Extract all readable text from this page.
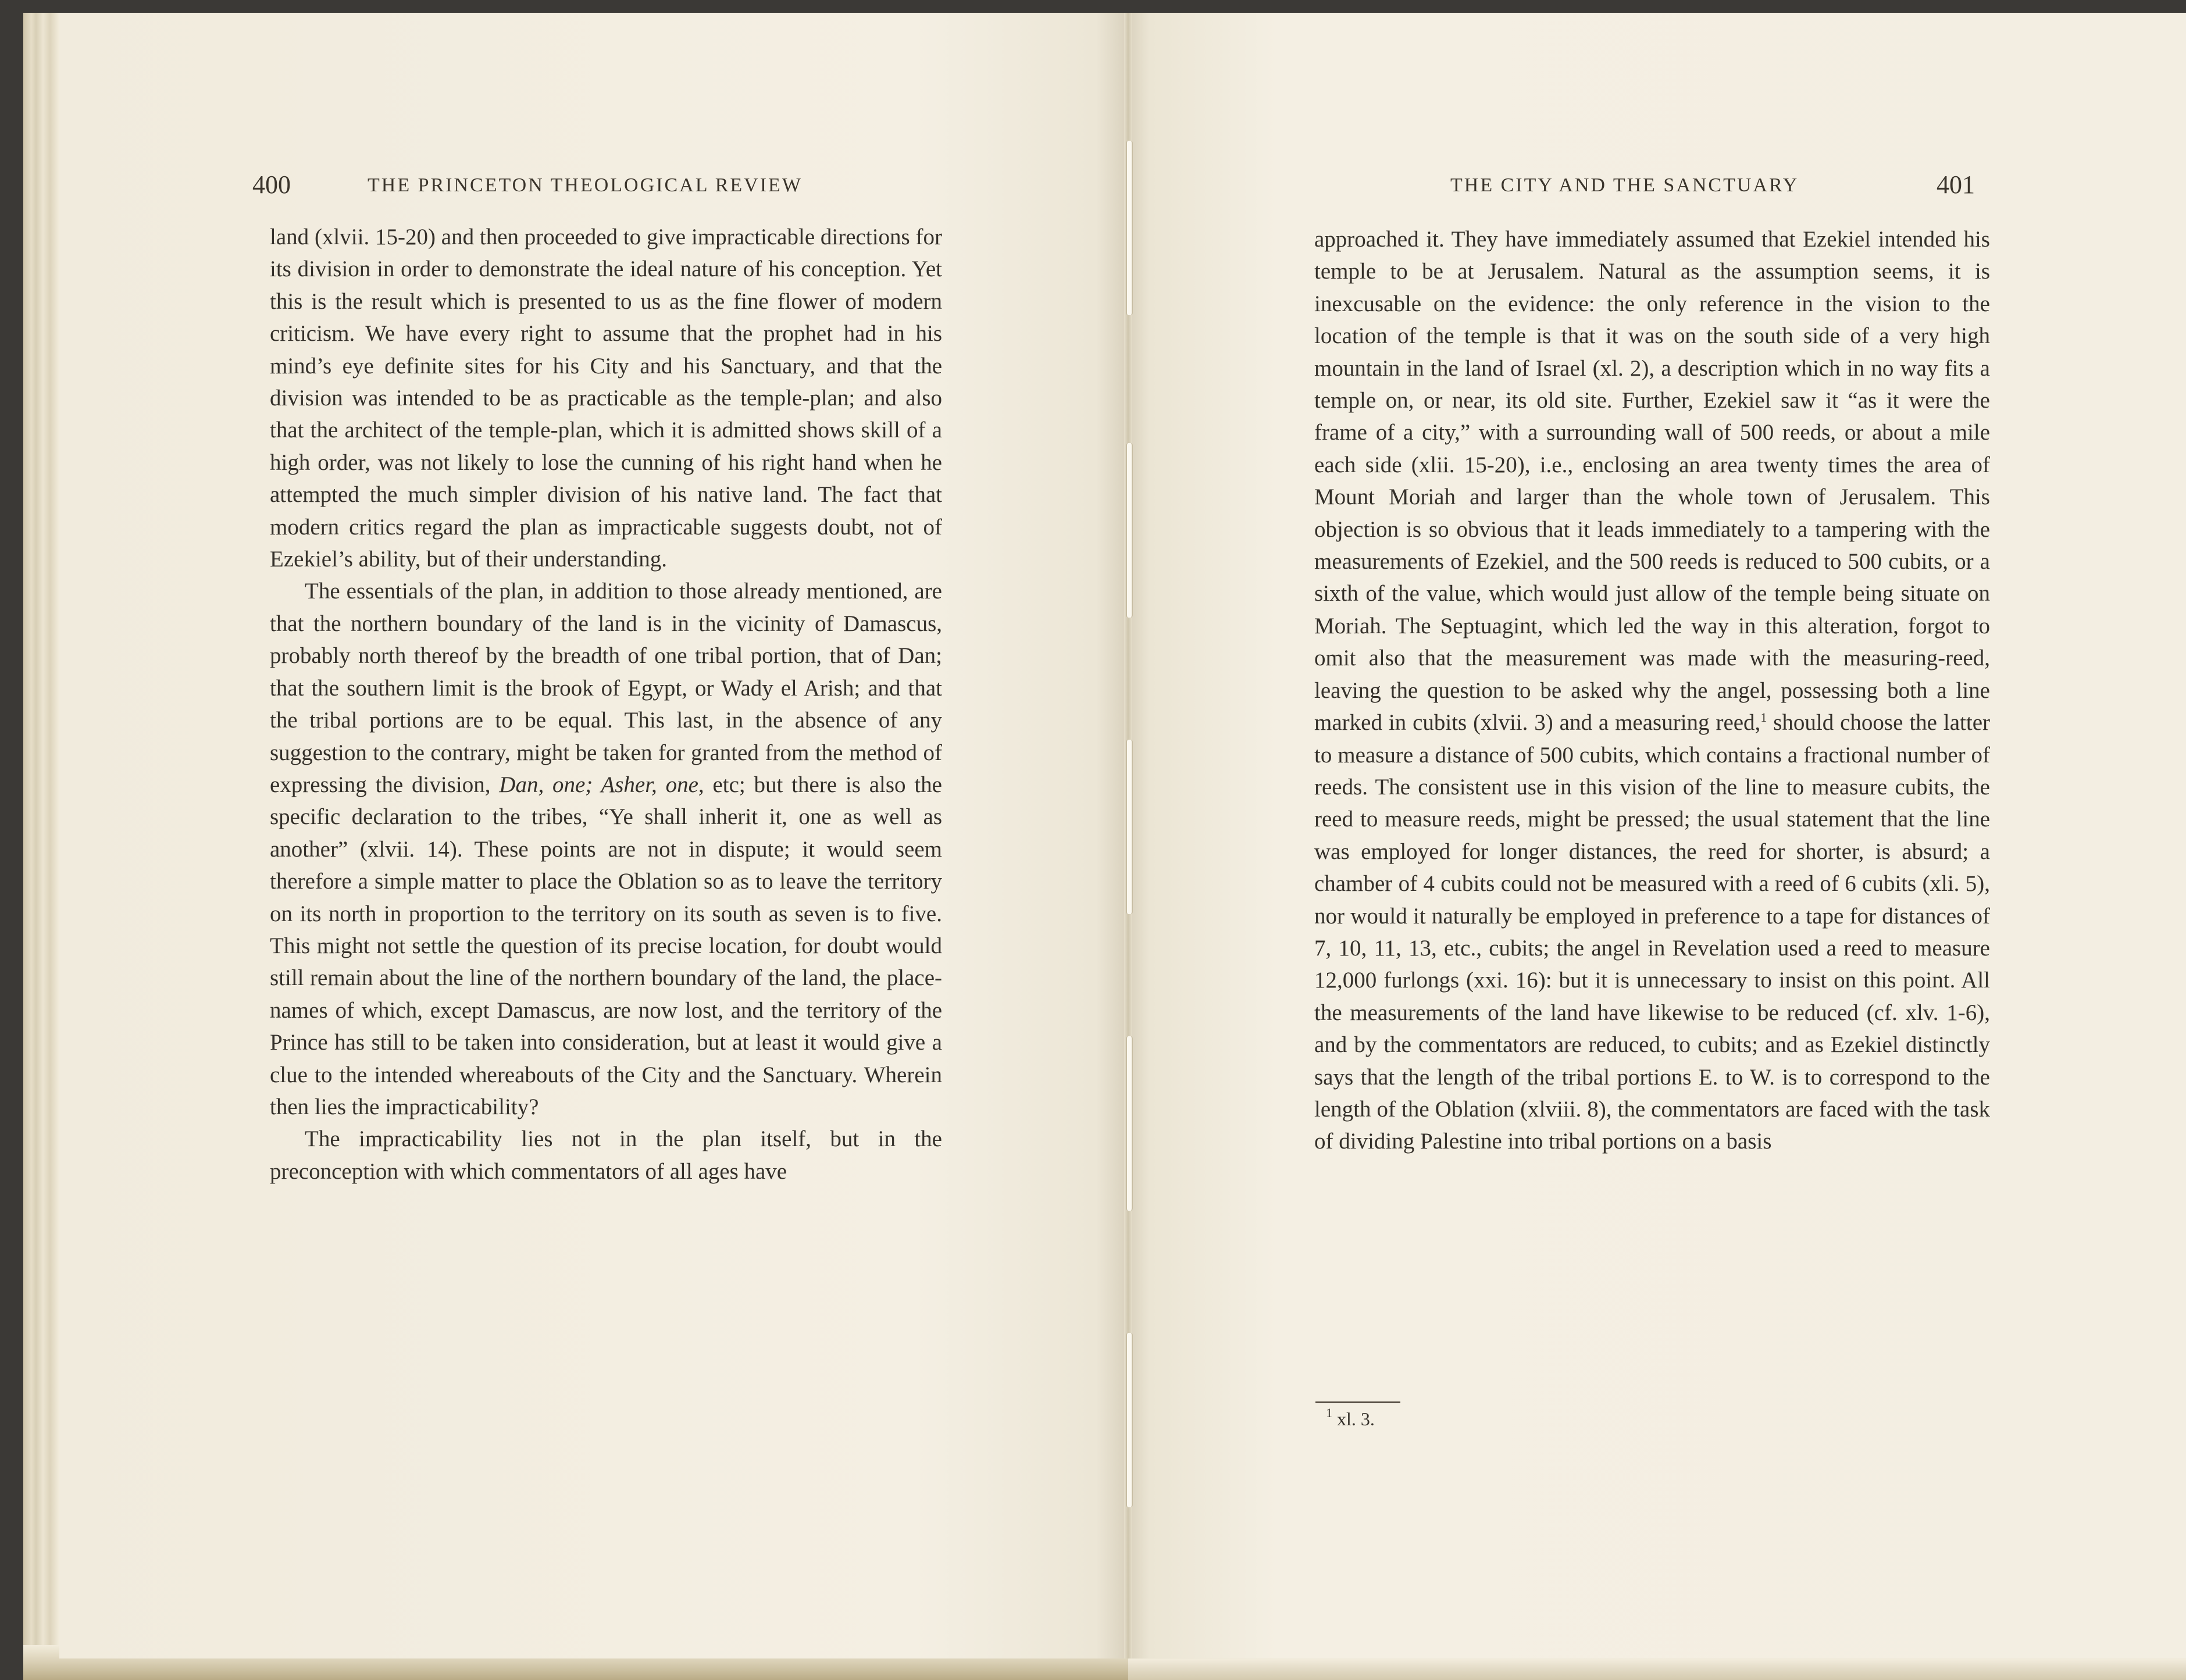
400	THE PRINCETON THEOLOGICAL REVIEW	THE CITY AND THE SANCTUARY	401

land (xlvii. 15-20) and then proceeded to give impracticable directions for its division in order to demonstrate the ideal nature of his conception. Yet this is the result which is presented to us as the fine flower of modern criticism. We have every right to assume that the prophet had in his mind’s eye definite sites for his City and his Sanctuary, and that the division was intended to be as practicable as the temple-plan; and also that the architect of the temple-plan, which it is admitted shows skill of a high order, was not likely to lose the cunning of his right hand when he attempted the much simpler division of his native land. The fact that modern critics regard the plan as impracticable suggests doubt, not of Ezekiel’s ability, but of their understanding.

The essentials of the plan, in addition to those already mentioned, are that the northern boundary of the land is in the vicinity of Damascus, probably north thereof by the breadth of one tribal portion, that of Dan; that the southern limit is the brook of Egypt, or Wady el Arish; and that the tribal portions are to be equal. This last, in the absence of any suggestion to the contrary, might be taken for granted from the method of expressing the division, Dan, one; Asher, one, etc; but there is also the specific declaration to the tribes, “Ye shall inherit it, one as well as another” (xlvii. 14). These points are not in dispute; it would seem therefore a simple matter to place the Oblation so as to leave the territory on its north in proportion to the territory on its south as seven is to five. This might not settle the question of its precise location, for doubt would still remain about the line of the northern boundary of the land, the place-names of which, except Damascus, are now lost, and the territory of the Prince has still to be taken into consideration, but at least it would give a clue to the intended whereabouts of the City and the Sanctuary. Wherein then lies the impracticability?

The impracticability lies not in the plan itself, but in the preconception with which commentators of all ages have

approached it. They have immediately assumed that Ezekiel intended his temple to be at Jerusalem. Natural as the assumption seems, it is inexcusable on the evidence: the only reference in the vision to the location of the temple is that it was on the south side of a very high mountain in the land of Israel (xl. 2), a description which in no way fits a temple on, or near, its old site. Further, Ezekiel saw it “as it were the frame of a city,” with a surrounding wall of 500 reeds, or about a mile each side (xlii. 15-20), i.e., enclosing an area twenty times the area of Mount Moriah and larger than the whole town of Jerusalem. This objection is so obvious that it leads immediately to a tampering with the measurements of Ezekiel, and the 500 reeds is reduced to 500 cubits, or a sixth of the value, which would just allow of the temple being situate on Moriah. The Septuagint, which led the way in this alteration, forgot to omit also that the measurement was made with the measuring-reed, leaving the question to be asked why the angel, possessing both a line marked in cubits (xlvii. 3) and a measuring reed,$^1$ should choose the latter to measure a distance of 500 cubits, which contains a fractional number of reeds. The consistent use in this vision of the line to measure cubits, the reed to measure reeds, might be pressed; the usual statement that the line was employed for longer distances, the reed for shorter, is absurd; a chamber of 4 cubits could not be measured with a reed of 6 cubits (xli. 5), nor would it naturally be employed in preference to a tape for distances of 7, 10, 11, 13, etc., cubits; the angel in Revelation used a reed to measure 12,000 furlongs (xxi. 16): but it is unnecessary to insist on this point. All the measurements of the land have likewise to be reduced (cf. xlv. 1-6), and by the commentators are reduced, to cubits; and as Ezekiel distinctly says that the length of the tribal portions E. to W. is to correspond to the length of the Oblation (xlviii. 8), the commentators are faced with the task of dividing Palestine into tribal portions on a basis

$^1$ xl. 3.
